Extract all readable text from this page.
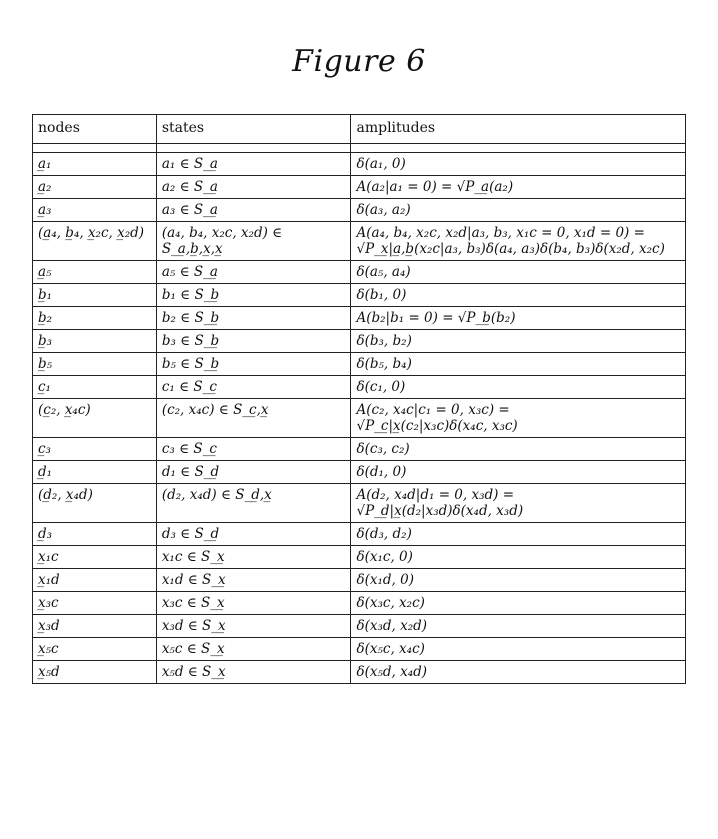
Figure 6
nodes	states	amplitudes

a̲₁	a₁ ∈ S_a̲	δ(a₁, 0)

a̲₂	a₂ ∈ S_a̲	A(a₂|a₁ = 0) = √P_a̲(a₂)

a̲₃	a₃ ∈ S_a̲	δ(a₃, a₂)

(a̲₄, b̲₄, x̲₂c, x̲₂d)	(a₄, b₄, x₂c, x₂d) ∈ S_a̲,b̲,x̲,x̲	A(a₄, b₄, x₂c, x₂d|a₃, b₃, x₁c = 0, x₁d = 0) =
√P_x̲|a̲,b̲(x₂c|a₃, b₃)δ(a₄, a₃)δ(b₄, b₃)δ(x₂d, x₂c)

a̲₅	a₅ ∈ S_a̲	δ(a₅, a₄)

b̲₁	b₁ ∈ S_b̲	δ(b₁, 0)

b̲₂	b₂ ∈ S_b̲	A(b₂|b₁ = 0) = √P_b̲(b₂)

b̲₃	b₃ ∈ S_b̲	δ(b₃, b₂)

b̲₅	b₅ ∈ S_b̲	δ(b₅, b₄)

c̲₁	c₁ ∈ S_c̲	δ(c₁, 0)

(c̲₂, x̲₄c)	(c₂, x₄c) ∈ S_c̲,x̲	A(c₂, x₄c|c₁ = 0, x₃c) =
√P_c̲|x̲(c₂|x₃c)δ(x₄c, x₃c)

c̲₃	c₃ ∈ S_c̲	δ(c₃, c₂)

d̲₁	d₁ ∈ S_d̲	δ(d₁, 0)

(d̲₂, x̲₄d)	(d₂, x₄d) ∈ S_d̲,x̲	A(d₂, x₄d|d₁ = 0, x₃d) =
√P_d̲|x̲(d₂|x₃d)δ(x₄d, x₃d)

d̲₃	d₃ ∈ S_d̲	δ(d₃, d₂)

x̲₁c	x₁c ∈ S_x̲	δ(x₁c, 0)

x̲₁d	x₁d ∈ S_x̲	δ(x₁d, 0)

x̲₃c	x₃c ∈ S_x̲	δ(x₃c, x₂c)

x̲₃d	x₃d ∈ S_x̲	δ(x₃d, x₂d)

x̲₅c	x₅c ∈ S_x̲	δ(x₅c, x₄c)

x̲₅d	x₅d ∈ S_x̲	δ(x₅d, x₄d)
